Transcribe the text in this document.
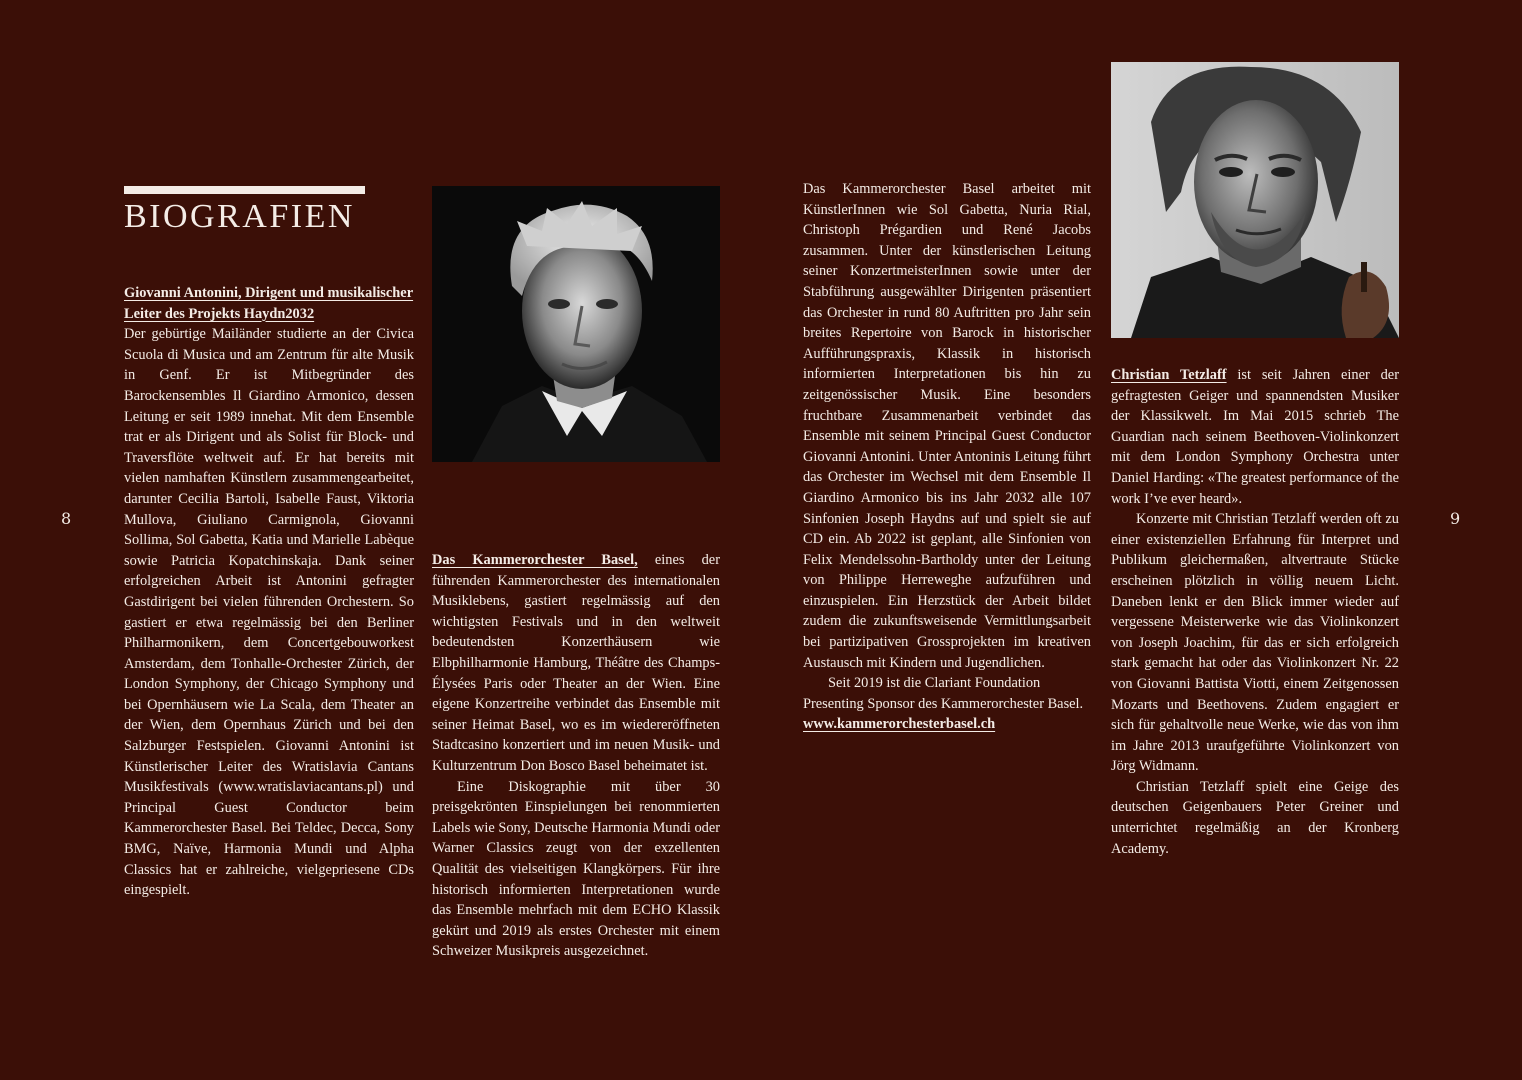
8	9
BIOGRAFIEN

Giovanni Antonini, Dirigent und musikalischer Leiter des Projekts Haydn2032

Der gebürtige Mailänder studierte an der Civica Scuola di Musica und am Zentrum für alte Musik in Genf. Er ist Mitbegründer des Barockensembles Il Giardino Armonico, dessen Leitung er seit 1989 innehat. Mit dem Ensemble trat er als Dirigent und als Solist für Block- und Traversflöte weltweit auf. Er hat bereits mit vielen namhaften Künstlern zusammengearbeitet, darunter Cecilia Bartoli, Isabelle Faust, Viktoria Mullova, Giuliano Carmignola, Giovanni Sollima, Sol Gabetta, Katia und Marielle Labèque sowie Patricia Kopatchinskaja. Dank seiner erfolgreichen Arbeit ist Antonini gefragter Gastdirigent bei vielen führenden Orchestern. So gastiert er etwa regelmässig bei den Berliner Philharmonikern, dem Concertgebouworkest Amsterdam, dem Tonhalle-Orchester Zürich, der London Symphony, der Chicago Symphony und bei Opernhäusern wie La Scala, dem Theater an der Wien, dem Opernhaus Zürich und bei den Salzburger Festspielen. Giovanni Antonini ist Künstlerischer Leiter des Wratislavia Cantans Musikfestivals (www.wratislaviacantans.pl) und Principal Guest Conductor beim Kammerorchester Basel. Bei Teldec, Decca, Sony BMG, Naïve, Harmonia Mundi und Alpha Classics hat er zahlreiche, vielgepriesene CDs eingespielt.

Das Kammerorchester Basel, eines der führenden Kammerorchester des internationalen Musiklebens, gastiert regelmässig auf den wichtigsten Festivals und in den weltweit bedeutendsten Konzerthäusern wie Elbphilharmonie Hamburg, Théâtre des Champs-Élysées Paris oder Theater an der Wien. Eine eigene Konzertreihe verbindet das Ensemble mit seiner Heimat Basel, wo es im wiedereröffneten Stadtcasino konzertiert und im neuen Musik- und Kulturzentrum Don Bosco Basel beheimatet ist.

Eine Diskographie mit über 30 preisgekrönten Einspielungen bei renommierten Labels wie Sony, Deutsche Harmonia Mundi oder Warner Classics zeugt von der exzellenten Qualität des vielseitigen Klangkörpers. Für ihre historisch informierten Interpretationen wurde das Ensemble mehrfach mit dem ECHO Klassik gekürt und 2019 als erstes Orchester mit einem Schweizer Musikpreis ausgezeichnet.

Das Kammerorchester Basel arbeitet mit KünstlerInnen wie Sol Gabetta, Nuria Rial, Christoph Prégardien und René Jacobs zusammen. Unter der künstlerischen Leitung seiner KonzertmeisterInnen sowie unter der Stabführung ausgewählter Dirigenten präsentiert das Orchester in rund 80 Auftritten pro Jahr sein breites Repertoire von Barock in historischer Aufführungspraxis, Klassik in historisch informierten Interpretationen bis hin zu zeitgenössischer Musik. Eine besonders fruchtbare Zusammenarbeit verbindet das Ensemble mit seinem Principal Guest Conductor Giovanni Antonini. Unter Antoninis Leitung führt das Orchester im Wechsel mit dem Ensemble Il Giardino Armonico bis ins Jahr 2032 alle 107 Sinfonien Joseph Haydns auf und spielt sie auf CD ein. Ab 2022 ist geplant, alle Sinfonien von Felix Mendelssohn-Bartholdy unter der Leitung von Philippe Herreweghe aufzuführen und einzuspielen. Ein Herzstück der Arbeit bildet zudem die zukunftsweisende Vermittlungsarbeit bei partizipativen Grossprojekten im kreativen Austausch mit Kindern und Jugendlichen.

Seit 2019 ist die Clariant Foundation Presenting Sponsor des Kammerorchester Basel.

www.kammerorchesterbasel.ch

Christian Tetzlaff ist seit Jahren einer der gefragtesten Geiger und spannendsten Musiker der Klassikwelt. Im Mai 2015 schrieb The Guardian nach seinem Beethoven-Violinkonzert mit dem London Symphony Orchestra unter Daniel Harding: «The greatest performance of the work I’ve ever heard».

Konzerte mit Christian Tetzlaff werden oft zu einer existenziellen Erfahrung für Interpret und Publikum gleichermaßen, altvertraute Stücke erscheinen plötzlich in völlig neuem Licht. Daneben lenkt er den Blick immer wieder auf vergessene Meisterwerke wie das Violinkonzert von Joseph Joachim, für das er sich erfolgreich stark gemacht hat oder das Violinkonzert Nr. 22 von Giovanni Battista Viotti, einem Zeitgenossen Mozarts und Beethovens. Zudem engagiert er sich für gehaltvolle neue Werke, wie das von ihm im Jahre 2013 uraufgeführte Violinkonzert von Jörg Widmann.

Christian Tetzlaff spielt eine Geige des deutschen Geigenbauers Peter Greiner und unterrichtet regelmäßig an der Kronberg Academy.
